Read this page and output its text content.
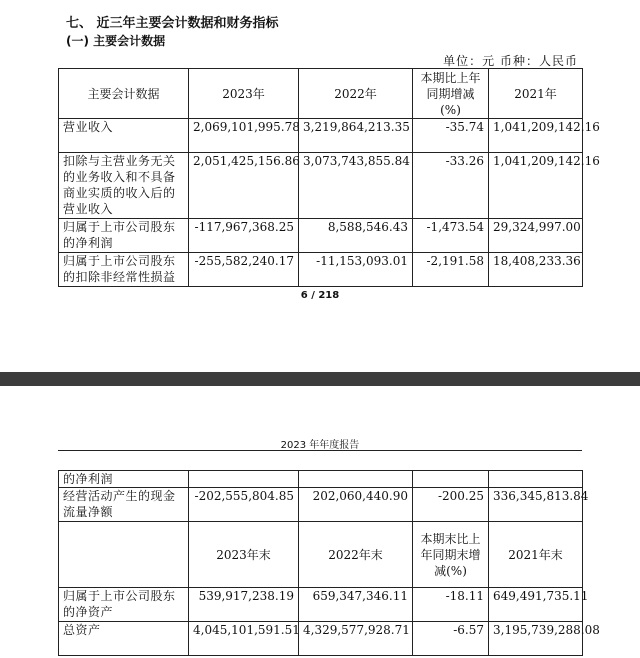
七、 近三年主要会计数据和财务指标
(一) 主要会计数据
单位：元 币种：人民币
主要会计数据	2023年	2022年	本期比上年同期增减(%)	2021年
营业收入	2,069,101,995.78	3,219,864,213.35	-35.74	1,041,209,142.16
扣除与主营业务无关的业务收入和不具备商业实质的收入后的营业收入	2,051,425,156.86	3,073,743,855.84	-33.26	1,041,209,142.16
归属于上市公司股东的净利润	-117,967,368.25	8,588,546.43	-1,473.54	29,324,997.00
归属于上市公司股东的扣除非经常性损益	-255,582,240.17	-11,153,093.01	-2,191.58	18,408,233.36
6 / 218
2023 年年度报告
的净利润				
经营活动产生的现金流量净额	-202,555,804.85	202,060,440.90	-200.25	336,345,813.84
	2023年末	2022年末	本期末比上年同期末增减(%)	2021年末
归属于上市公司股东的净资产	539,917,238.19	659,347,346.11	-18.11	649,491,735.11
总资产	4,045,101,591.51	4,329,577,928.71	-6.57	3,195,739,288.08
